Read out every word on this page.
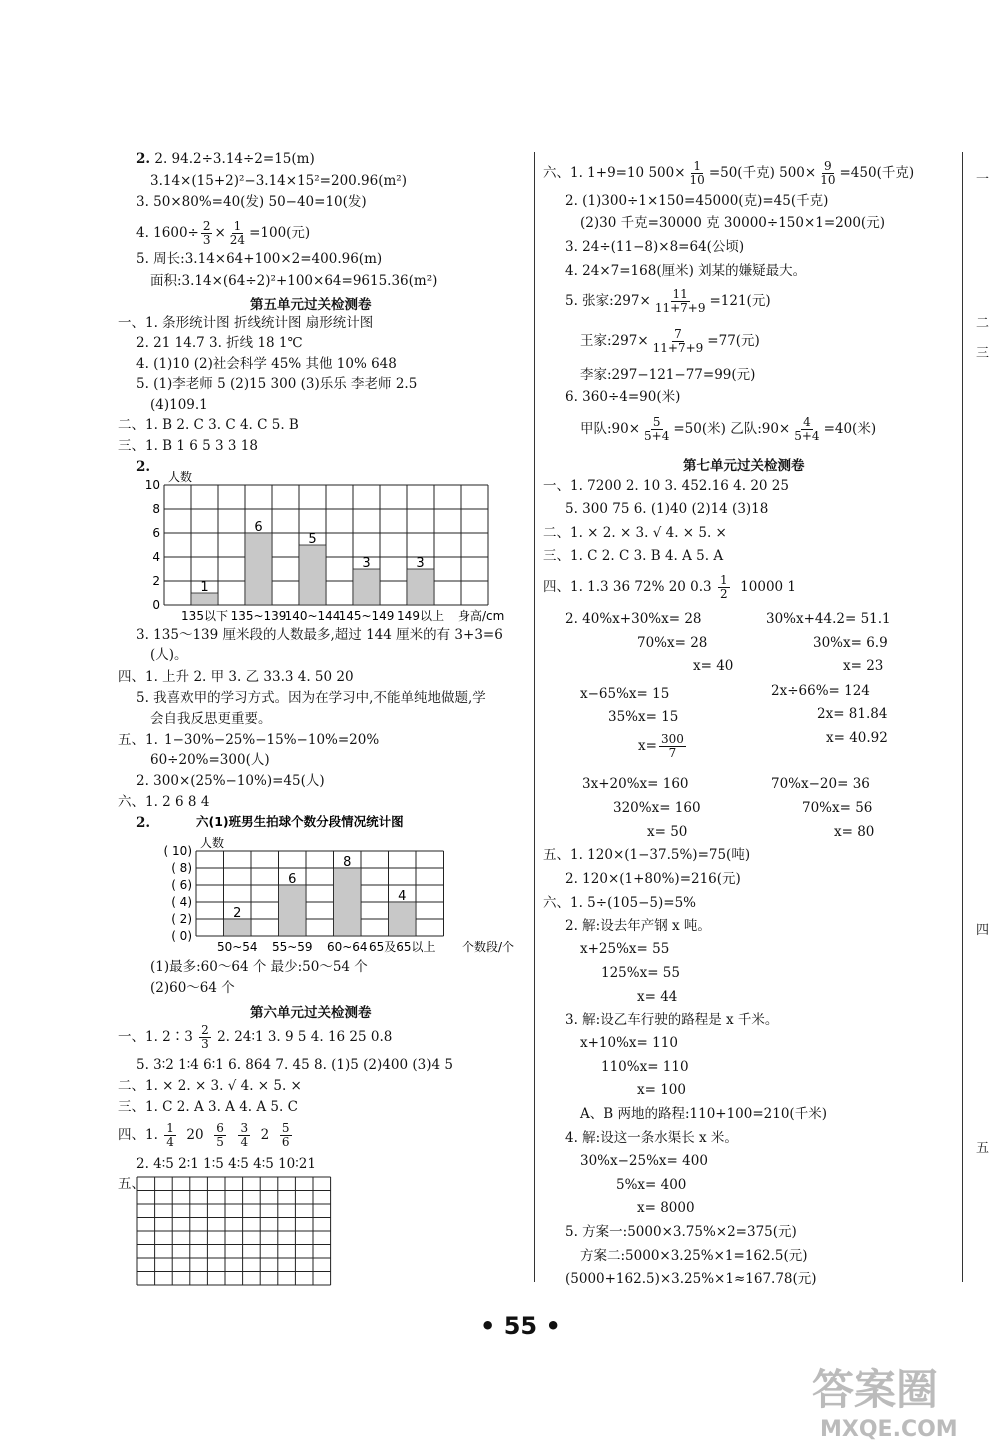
2. 2. 94.2÷3.14÷2=15(m)
3.14×(15+2)²−3.14×15²=200.96(m²)
3. 50×80%=40(发) 50−40=10(发)
4. $1600\div \frac{2}{3} \times \frac{1}{24} =100$(元)
5. 周长:3.14×64+100×2=400.96(m)
面积:3.14×(64÷2)²+100×64=9615.36(m²)
第五单元过关检测卷
一、1. 条形统计图 折线统计图 扇形统计图
2. 21 14.7 3. 折线 18 1℃
4. (1)10 (2)社会科学 45% 其他 10% 648
5. (1)李老师 5 (2)15 300 (3)乐乐 李老师 2.5
(4)109.1
二、1. B 2. C 3. C 4. C 5. B
三、1. B 1 6 5 3 3 18
2.
人数
0
2
4
6
8
10
1
135以下
6
135~139
5
140~144
3
145~149
3
149以上 身高/cm
3. 135～139 厘米段的人数最多,超过 144 厘米的有 3+3=6
(人)。
四、1. 上升 2. 甲 3. 乙 33.3 4. 50 20
5. 我喜欢甲的学习方式。因为在学习中,不能单纯地做题,学
会自我反思更重要。
五、1. 1−30%−25%−15%−10%=20%
60÷20%=300(人)
2. 300×(25%−10%)=45(人)
六、1. 2 6 8 4
2.
人数
( 0)
( 2)
( 4)
( 6)
( 8)
( 10)
2
50~54
6
55~59
8
60~64
4
65及65以上 个数段/个
六(1)班男生拍球个数分段情况统计图
(1)最多:60～64 个 最少:50～54 个
(2)60～64 个
第六单元过关检测卷
一、1. 2∶3 $\frac{2}{3} 2$. 24∶1 3. 9 5 4. 16 25 0.8
5. 3∶2 1∶4 6∶1 6. 864 7. 45 8. (1)5 (2)400 (3)4 5
二、1. × 2. × 3. √ 4. × 5. ×
三、1. C 2. A 3. A 4. A 5. C
四、1. $\frac{1}{4} 20 \frac{6}{5}$
$\frac{3}{4} 2 \frac{5}{6}$
2. 4∶5 2∶1 1∶5 4∶5 4∶5 10∶21
五、
六、1. 1+9=10 $500\times \frac{1}{10} =50$(千克) $500\times \frac{9}{10} =450$(千克)
2. (1)300÷1×150=45000(克)=45(千克)
(2)30 千克=30000 克 30000÷150×1=200(元)
3. 24÷(11−8)×8=64(公顷)
4. 24×7=168(厘米) 刘某的嫌疑最大。
5. 张家:297× $\frac{11}{11+7+9} =121$(元)
王家:297× $\frac{7}{11+7+9} =77$(元)
李家:297−121−77=99(元)
6. 360÷4=90(米)
甲队:90× $\frac{5}{5+4} =50$(米) 乙队:90× $\frac{4}{5+4} =40$(米)
第七单元过关检测卷
一、1. 7200 2. 10 3. 452.16 4. 20 25
5. 300 75 6. (1)40 (2)14 (3)18
二、1. × 2. × 3. √ 4. × 5. ×
三、1. C 2. C 3. B 4. A 5. A
四、1. 1.3 36 72% 20 $0.3 \frac{1}{2} 10000$ 1
2. 40%x+30%x= 28
70%x= 28
x= 40
30%x+44.2= 51.1
30%x= 6.9
x= 23
x−65%x= 15
35%x= 15
$x= \frac{300}{7}$
2x÷66%= 124
2x= 81.84
x= 40.92
3x+20%x= 160
320%x= 160
x= 50
70%x−20= 36
70%x= 56
x= 80
五、1. 120×(1−37.5%)=75(吨)
2. 120×(1+80%)=216(元)
六、1. 5÷(105−5)=5%
2. 解:设去年产钢 x 吨。
x+25%x= 55
125%x= 55
x= 44
3. 解:设乙车行驶的路程是 x 千米。
x+10%x= 110
110%x= 110
x= 100
A、B 两地的路程:110+100=210(千米)
4. 解:设这一条水渠长 x 米。
30%x−25%x= 400
5%x= 400
x= 8000
5. 方案一:5000×3.75%×2=375(元)
方案二:5000×3.25%×1=162.5(元)
(5000+162.5)×3.25%×1≈167.78(元)
一
二
三
四
五
• 55 •
答案圈
MXQE.COM
